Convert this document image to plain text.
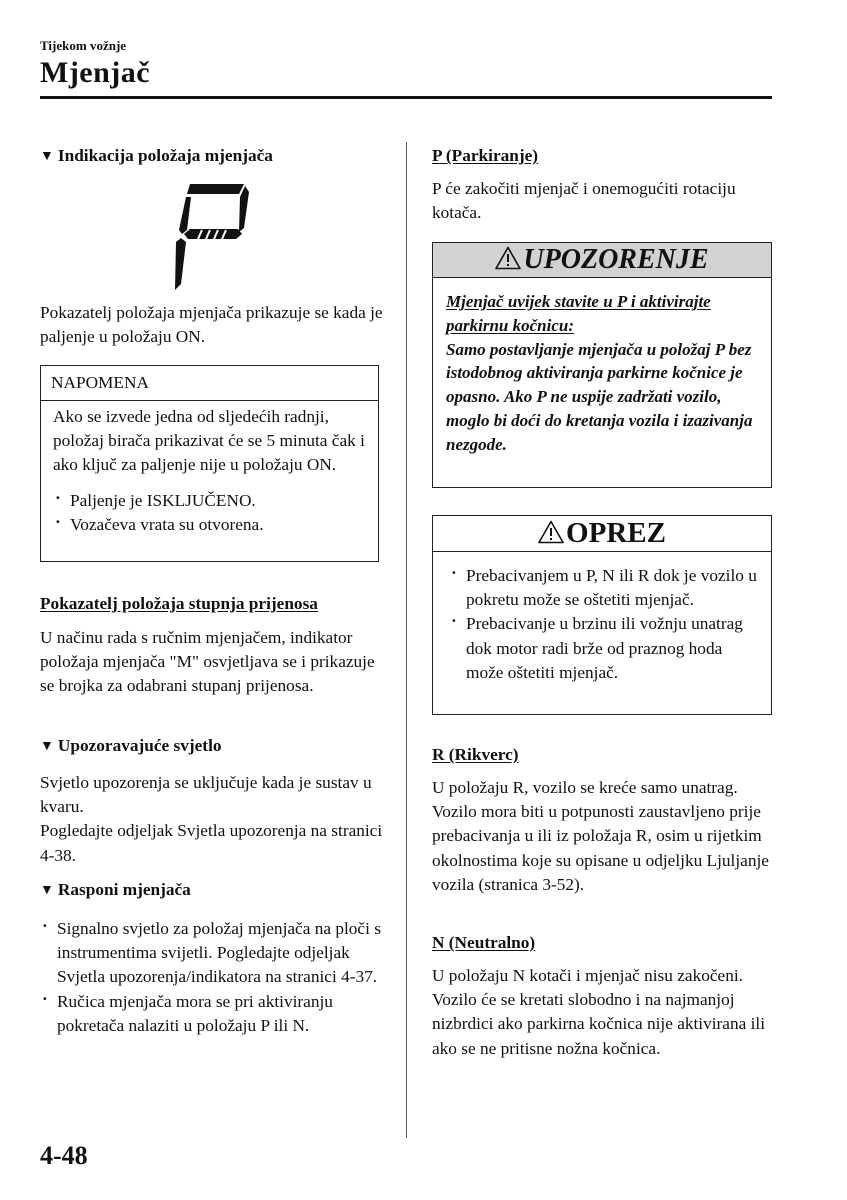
Tijekom vožnje
Mjenjač
▼ Indikacija položaja mjenjača
Pokazatelj položaja mjenjača prikazuje se kada je paljenje u položaju ON.
NAPOMENA
Ako se izvede jedna od sljedećih radnji, položaj birača prikazivat će se 5 minuta čak i ako ključ za paljenje nije u položaju ON.
· Paljenje je ISKLJUČENO.
· Vozačeva vrata su otvorena.
Pokazatelj položaja stupnja prijenosa
U načinu rada s ručnim mjenjačem, indikator položaja mjenjača "M" osvjetljava se i prikazuje se brojka za odabrani stupanj prijenosa.
▼ Upozoravajuće svjetlo
Svjetlo upozorenja se uključuje kada je sustav u kvaru.
Pogledajte odjeljak Svjetla upozorenja na stranici 4-38.
▼ Rasponi mjenjača
· Signalno svjetlo za položaj mjenjača na ploči s instrumentima svijetli. Pogledajte odjeljak Svjetla upozorenja/indikatora na stranici 4-37.
· Ručica mjenjača mora se pri aktiviranju pokretača nalaziti u položaju P ili N.
P (Parkiranje)
P će zakočiti mjenjač i onemogućiti rotaciju kotača.
UPOZORENJE
Mjenjač uvijek stavite u P i aktivirajte parkirnu kočnicu:
Samo postavljanje mjenjača u položaj P bez istodobnog aktiviranja parkirne kočnice je opasno. Ako P ne uspije zadržati vozilo, moglo bi doći do kretanja vozila i izazivanja nezgode.
OPREZ
· Prebacivanjem u P, N ili R dok je vozilo u pokretu može se oštetiti mjenjač.
· Prebacivanje u brzinu ili vožnju unatrag dok motor radi brže od praznog hoda može oštetiti mjenjač.
R (Rikverc)
U položaju R, vozilo se kreće samo unatrag. Vozilo mora biti u potpunosti zaustavljeno prije prebacivanja u ili iz položaja R, osim u rijetkim okolnostima koje su opisane u odjeljku Ljuljanje vozila (stranica 3-52).
N (Neutralno)
U položaju N kotači i mjenjač nisu zakočeni. Vozilo će se kretati slobodno i na najmanjoj nizbrdici ako parkirna kočnica nije aktivirana ili ako se ne pritisne nožna kočnica.
4-48
